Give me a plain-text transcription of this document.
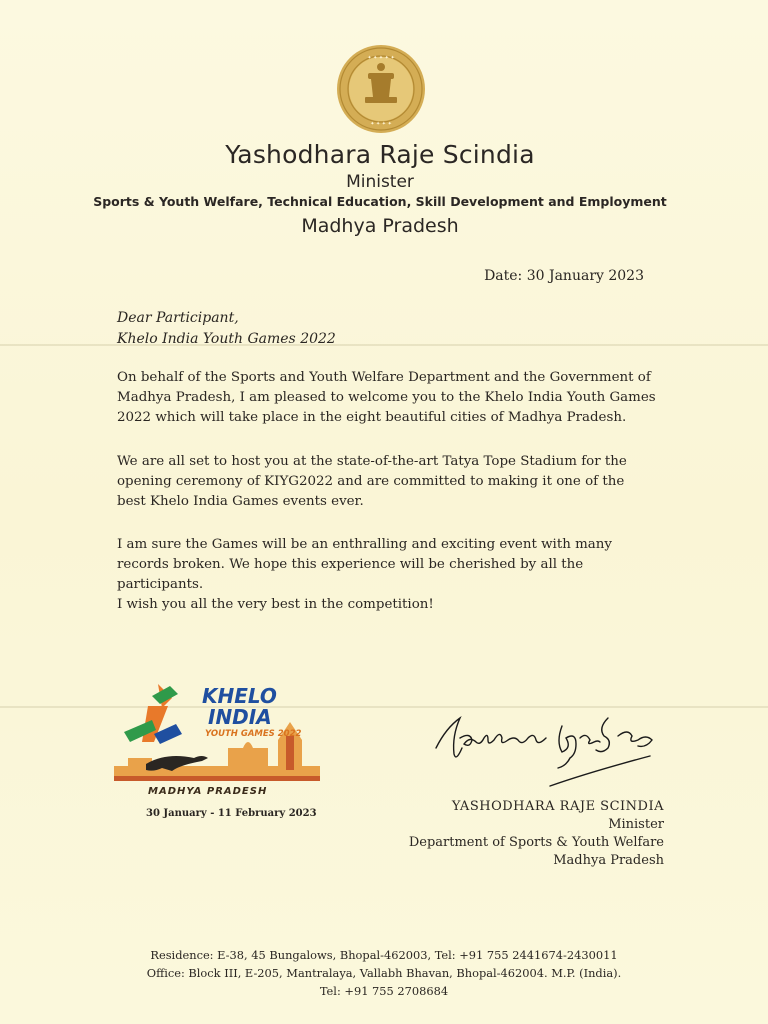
✦ ✦ ✦ ✦ ✦
✦ ✦ ✦ ✦
Yashodhara Raje Scindia
Minister
Sports & Youth Welfare, Technical Education, Skill Development and Employment
Madhya Pradesh
Date: 30 January 2023
Dear Participant,
Khelo India Youth Games 2022
On behalf of the Sports and Youth Welfare Department and the Government of Madhya Pradesh, I am pleased to welcome you to the Khelo India Youth Games 2022 which will take place in the eight beautiful cities of Madhya Pradesh.
We are all set to host you at the state-of-the-art Tatya Tope Stadium for the opening ceremony of KIYG2022 and are committed to making it one of the best Khelo India Games events ever.
I am sure the Games will be an enthralling and exciting event with many records broken. We hope this experience will be cherished by all the participants.
I wish you all the very best in the competition!
KHELO
INDIA
YOUTH GAMES 2022
MADHYA PRADESH
30 January - 11 February 2023	YASHODHARA RAJE SCINDIA
Minister
Department of Sports & Youth Welfare
Madhya Pradesh
Residence: E-38, 45 Bungalows, Bhopal-462003, Tel: +91 755 2441674-2430011
Office: Block III, E-205, Mantralaya, Vallabh Bhavan, Bhopal-462004. M.P. (India).
Tel: +91 755 2708684
